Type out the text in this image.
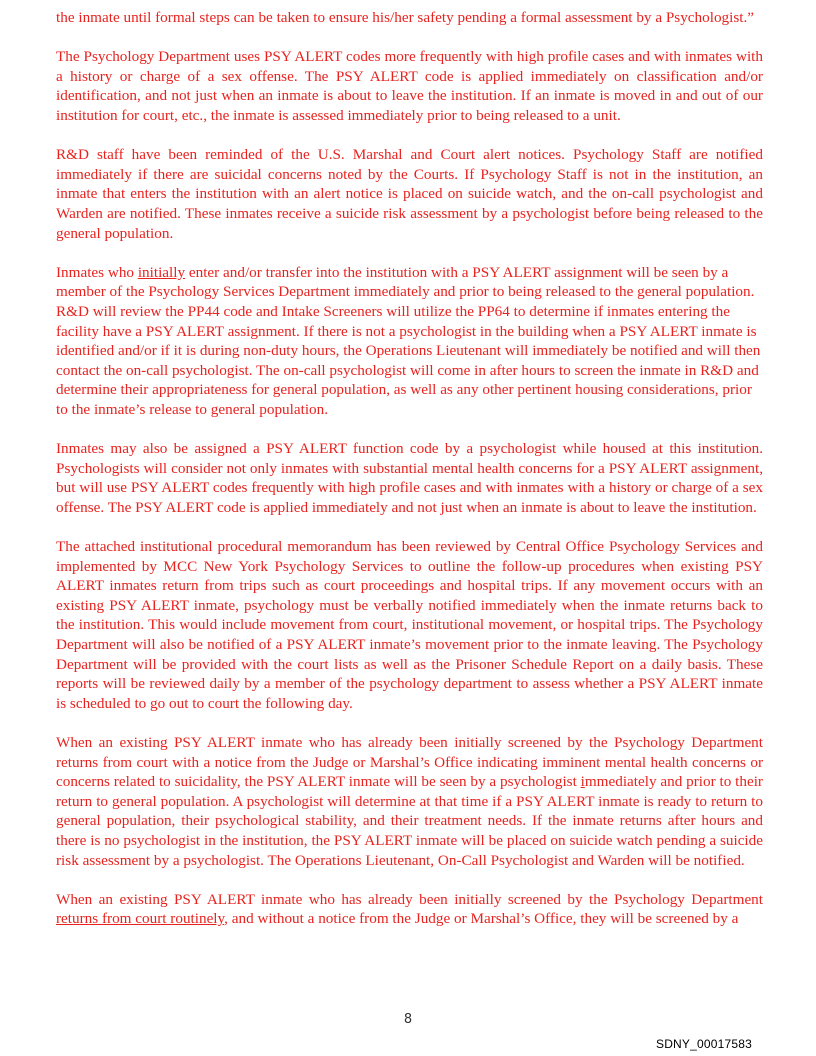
the inmate until formal steps can be taken to ensure his/her safety pending a formal assessment by a Psychologist.”

The Psychology Department uses PSY ALERT codes more frequently with high profile cases and with inmates with a history or charge of a sex offense. The PSY ALERT code is applied immediately on classification and/or identification, and not just when an inmate is about to leave the institution. If an inmate is moved in and out of our institution for court, etc., the inmate is assessed immediately prior to being released to a unit.

R&D staff have been reminded of the U.S. Marshal and Court alert notices. Psychology Staff are notified immediately if there are suicidal concerns noted by the Courts. If Psychology Staff is not in the institution, an inmate that enters the institution with an alert notice is placed on suicide watch, and the on-call psychologist and Warden are notified. These inmates receive a suicide risk assessment by a psychologist before being released to the general population.

Inmates who initially enter and/or transfer into the institution with a PSY ALERT assignment will be seen by a member of the Psychology Services Department immediately and prior to being released to the general population. R&D will review the PP44 code and Intake Screeners will utilize the PP64 to determine if inmates entering the facility have a PSY ALERT assignment. If there is not a psychologist in the building when a PSY ALERT inmate is identified and/or if it is during non-duty hours, the Operations Lieutenant will immediately be notified and will then contact the on-call psychologist. The on-call psychologist will come in after hours to screen the inmate in R&D and determine their appropriateness for general population, as well as any other pertinent housing considerations, prior to the inmate’s release to general population.

Inmates may also be assigned a PSY ALERT function code by a psychologist while housed at this institution. Psychologists will consider not only inmates with substantial mental health concerns for a PSY ALERT assignment, but will use PSY ALERT codes frequently with high profile cases and with inmates with a history or charge of a sex offense. The PSY ALERT code is applied immediately and not just when an inmate is about to leave the institution.

The attached institutional procedural memorandum has been reviewed by Central Office Psychology Services and implemented by MCC New York Psychology Services to outline the follow-up procedures when existing PSY ALERT inmates return from trips such as court proceedings and hospital trips. If any movement occurs with an existing PSY ALERT inmate, psychology must be verbally notified immediately when the inmate returns back to the institution. This would include movement from court, institutional movement, or hospital trips. The Psychology Department will also be notified of a PSY ALERT inmate’s movement prior to the inmate leaving. The Psychology Department will be provided with the court lists as well as the Prisoner Schedule Report on a daily basis. These reports will be reviewed daily by a member of the psychology department to assess whether a PSY ALERT inmate is scheduled to go out to court the following day.

When an existing PSY ALERT inmate who has already been initially screened by the Psychology Department returns from court with a notice from the Judge or Marshal’s Office indicating imminent mental health concerns or concerns related to suicidality, the PSY ALERT inmate will be seen by a psychologist immediately and prior to their return to general population. A psychologist will determine at that time if a PSY ALERT inmate is ready to return to general population, their psychological stability, and their treatment needs. If the inmate returns after hours and there is no psychologist in the institution, the PSY ALERT inmate will be placed on suicide watch pending a suicide risk assessment by a psychologist. The Operations Lieutenant, On-Call Psychologist and Warden will be notified.

When an existing PSY ALERT inmate who has already been initially screened by the Psychology Department returns from court routinely, and without a notice from the Judge or Marshal’s Office, they will be screened by a

8
SDNY_00017583
